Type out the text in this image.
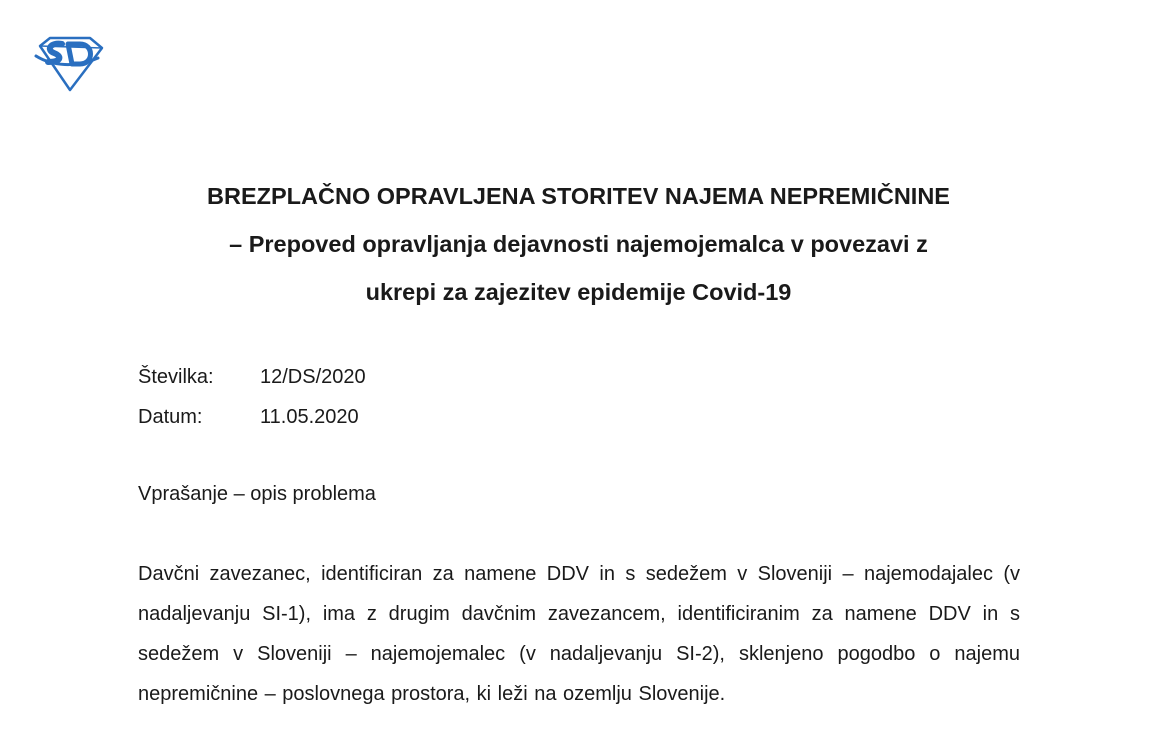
BREZPLAČNO OPRAVLJENA STORITEV NAJEMA NEPREMIČNINE
– Prepoved opravljanja dejavnosti najemojemalca v povezavi z
ukrepi za zajezitev epidemije Covid-19
Številka: 12/DS/2020
Datum:	11.05.2020
Vprašanje – opis problema
Davčni zavezanec, identificiran za namene DDV in s sedežem v Sloveniji – najemodajalec (v nadaljevanju SI-1), ima z drugim davčnim zavezancem, identificiranim za namene DDV in s sedežem v Sloveniji – najemojemalec (v nadaljevanju SI-2), sklenjeno pogodbo o najemu nepremičnine – poslovnega prostora, ki leži na ozemlju Slovenije.
